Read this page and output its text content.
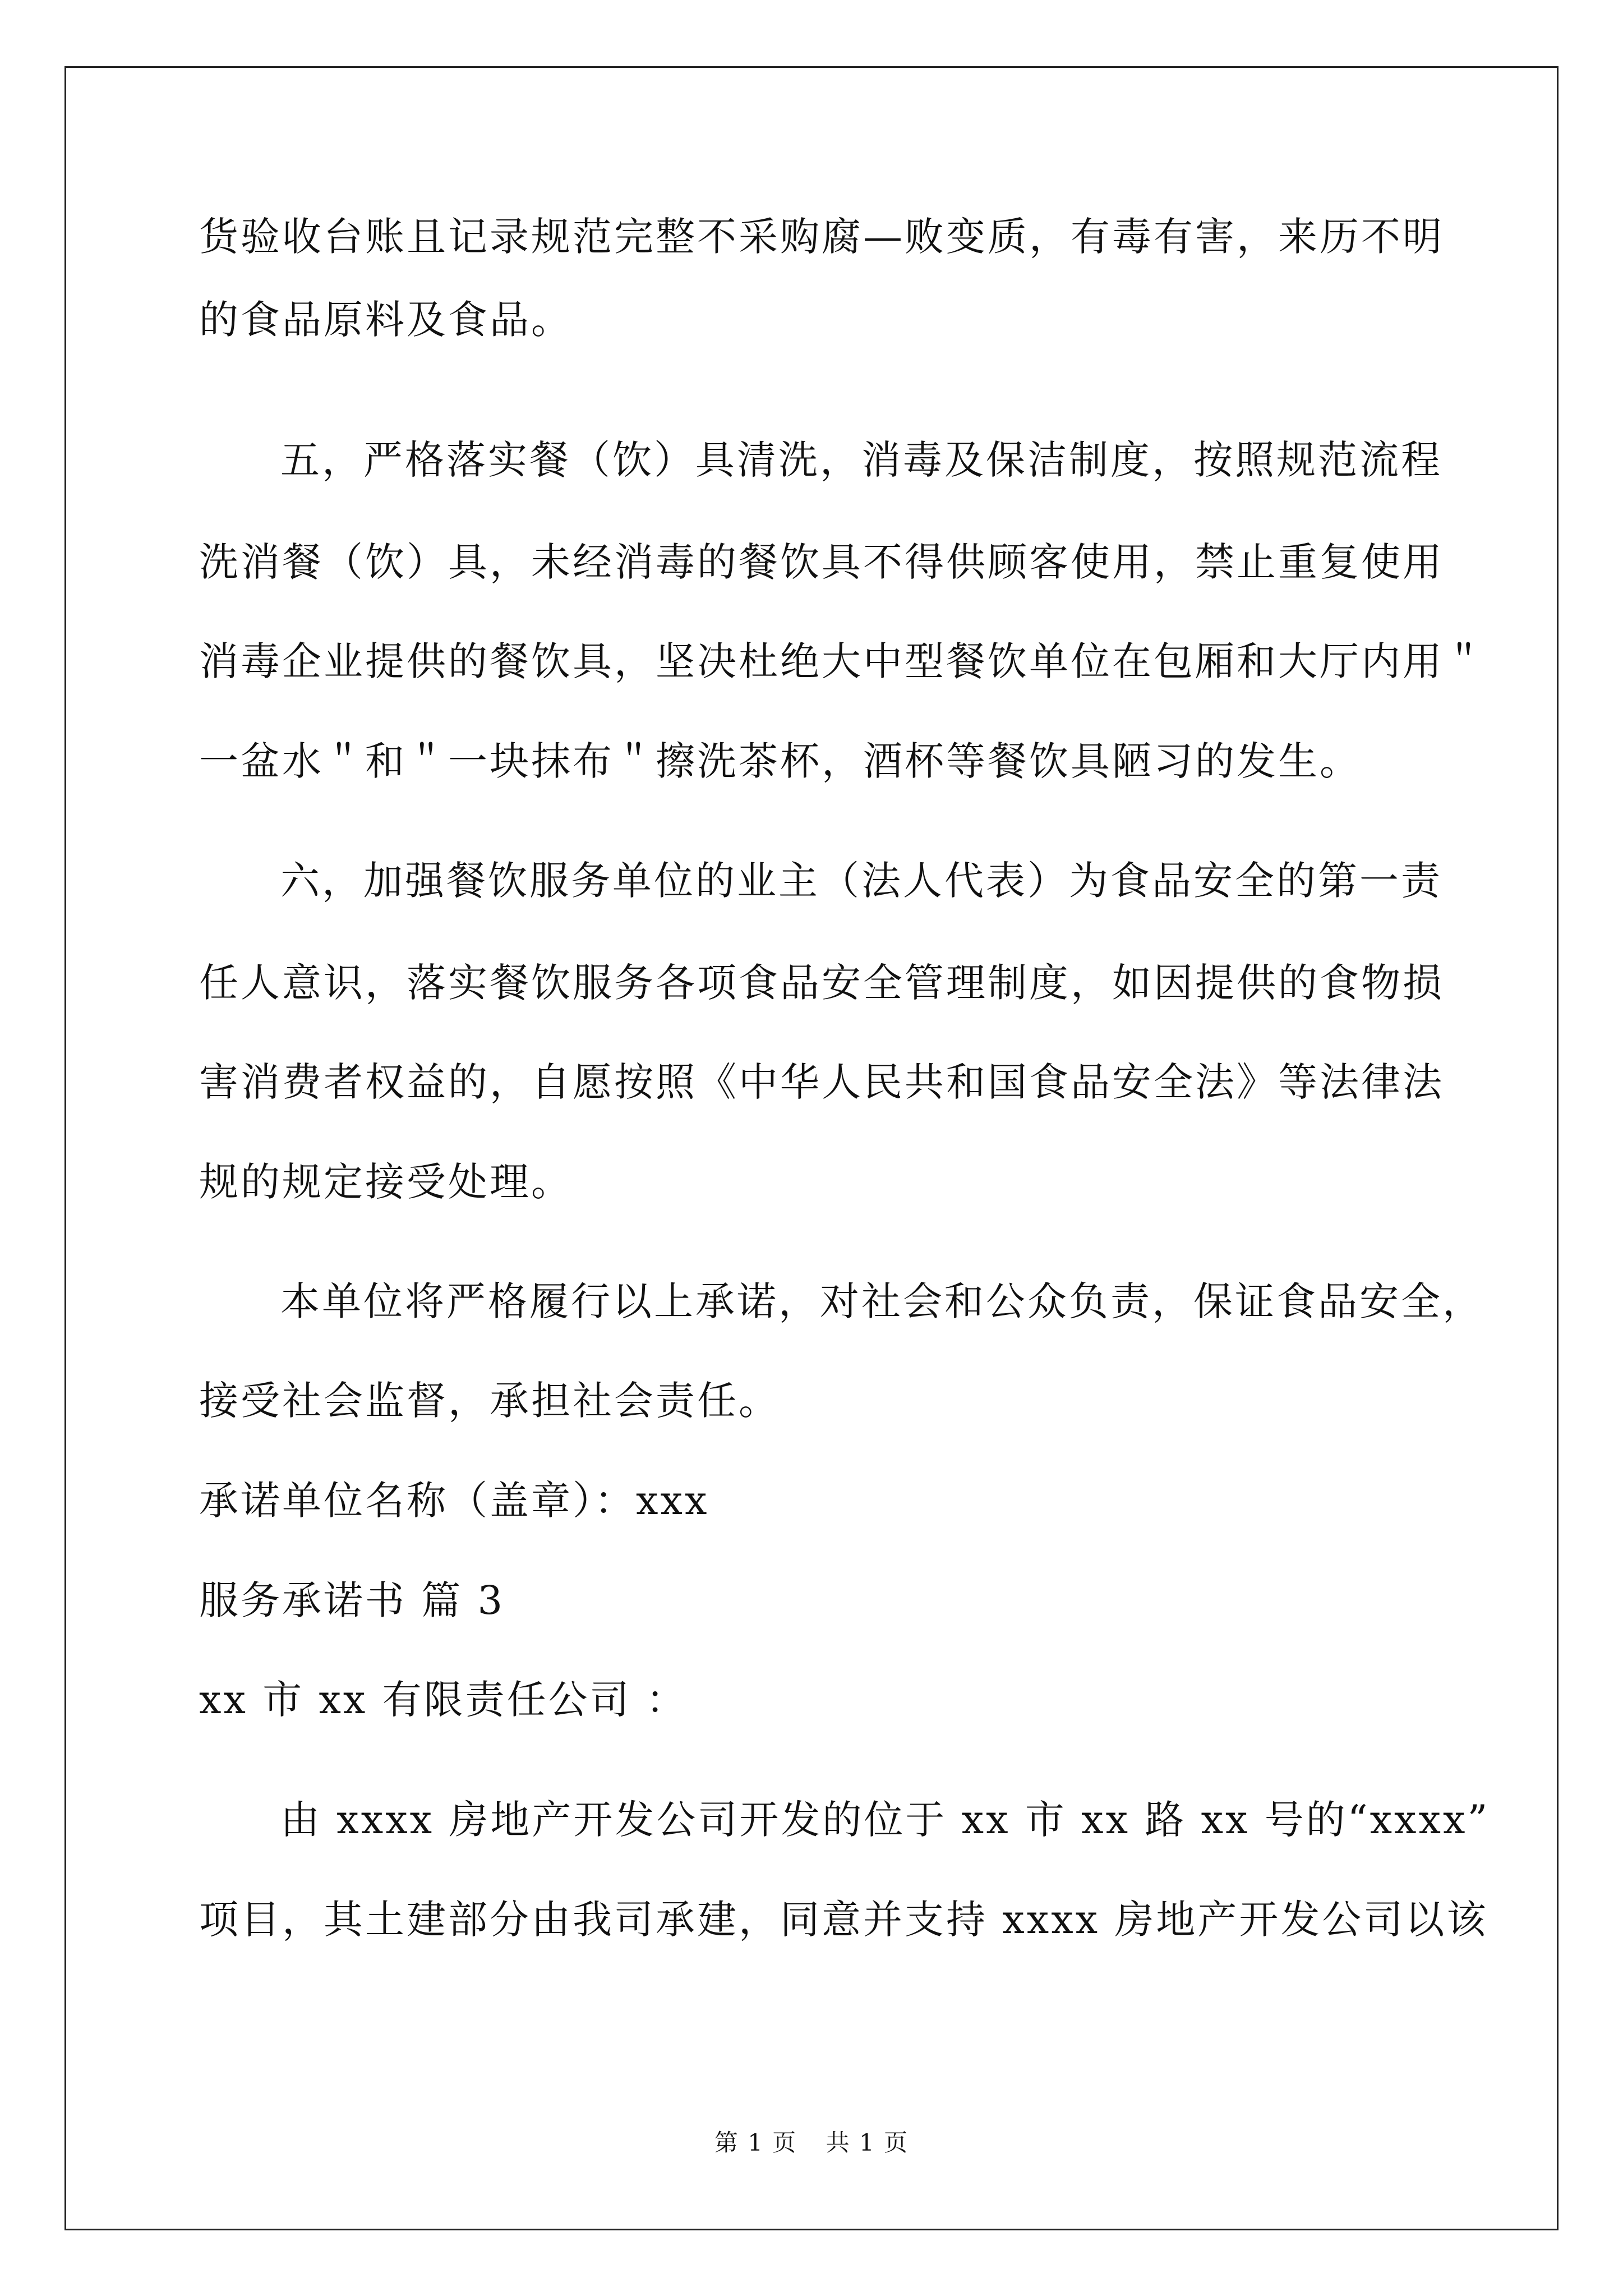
货验收台账且记录规范完整不采购腐—败变质，有毒有害，来历不明
的食品原料及食品。
五，严格落实餐（饮）具清洗，消毒及保洁制度，按照规范流程
洗消餐（饮）具，未经消毒的餐饮具不得供顾客使用，禁止重复使用
消毒企业提供的餐饮具，坚决杜绝大中型餐饮单位在包厢和大厅内用＂
一盆水＂和＂一块抹布＂擦洗茶杯，酒杯等餐饮具陋习的发生。
六，加强餐饮服务单位的业主（法人代表）为食品安全的第一责
任人意识，落实餐饮服务各项食品安全管理制度，如因提供的食物损
害消费者权益的，自愿按照《中华人民共和国食品安全法》等法律法
规的规定接受处理。
本单位将严格履行以上承诺，对社会和公众负责，保证食品安全，
接受社会监督，承担社会责任。
承诺单位名称（盖章）：xxx
服务承诺书 篇 3
xx 市 xx 有限责任公司 ：
由 xxxx 房地产开发公司开发的位于 xx 市 xx 路 xx 号的“xxxx”
项目，其土建部分由我司承建，同意并支持 xxxx 房地产开发公司以该
第 1 页 共 1 页
